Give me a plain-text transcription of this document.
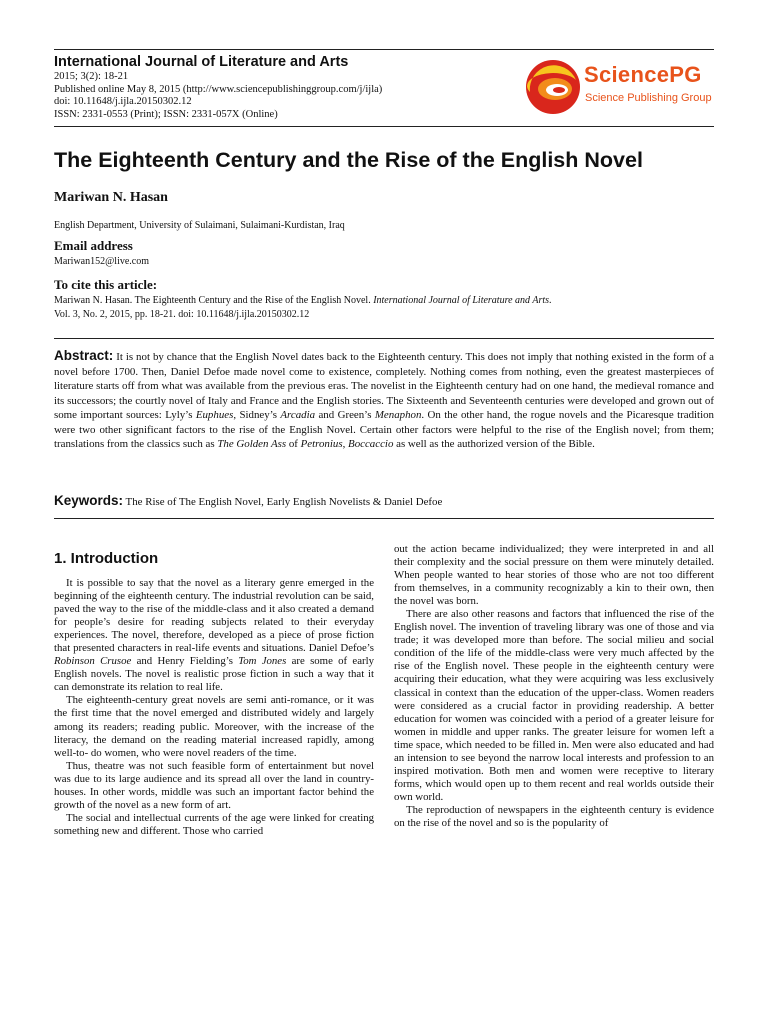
International Journal of Literature and Arts
2015; 3(2): 18-21
Published online May 8, 2015 (http://www.sciencepublishinggroup.com/j/ijla)
doi: 10.11648/j.ijla.20150302.12
ISSN: 2331-0553 (Print); ISSN: 2331-057X (Online)
SciencePG
Science Publishing Group
The Eighteenth Century and the Rise of the English Novel
Mariwan N. Hasan
English Department, University of Sulaimani, Sulaimani-Kurdistan, Iraq
Email address
Mariwan152@live.com
To cite this article:
Mariwan N. Hasan. The Eighteenth Century and the Rise of the English Novel. International Journal of Literature and Arts.
Vol. 3, No. 2, 2015, pp. 18-21. doi: 10.11648/j.ijla.20150302.12
Abstract: It is not by chance that the English Novel dates back to the Eighteenth century. This does not imply that nothing existed in the form of a novel before 1700. Then, Daniel Defoe made novel come to existence, completely. Nothing comes from nothing, even the greatest masterpieces of literature starts off from what was available from the previous eras. The novelist in the Eighteenth century had on one hand, the medieval romance and its successors; the courtly novel of Italy and France and the English stories. The Sixteenth and Seventeenth centuries were developed and grown out of some important sources: Lyly’s Euphues, Sidney’s Arcadia and Green’s Menaphon. On the other hand, the rogue novels and the Picaresque tradition were two other significant factors to the rise of the English Novel. Certain other factors were helpful to the rise of the English novel; from them; translations from the classics such as The Golden Ass of Petronius, Boccaccio as well as the authorized version of the Bible.
Keywords: The Rise of The English Novel, Early English Novelists & Daniel Defoe
1. Introduction

It is possible to say that the novel as a literary genre emerged in the beginning of the eighteenth century. The industrial revolution can be said, paved the way to the rise of the middle-class and it also created a demand for people’s desire for reading subjects related to their everyday experiences. The novel, therefore, developed as a piece of prose fiction that presented characters in real-life events and situations. Daniel Defoe’s Robinson Crusoe and Henry Fielding’s Tom Jones are some of early English novels. The novel is realistic prose fiction in such a way that it can demonstrate its relation to real life.

The eighteenth-century great novels are semi anti-romance, or it was the first time that the novel emerged and distributed widely and largely among its readers; reading public. Moreover, with the increase of the literacy, the demand on the reading material increased rapidly, among well-to- do women, who were novel readers of the time.

Thus, theatre was not such feasible form of entertainment but novel was due to its large audience and its spread all over the land in country-houses. In other words, middle was such an important factor behind the growth of the novel as a new form of art.

The social and intellectual currents of the age were linked for creating something new and different. Those who carried

out the action became individualized; they were interpreted in and all their complexity and the social pressure on them were minutely detailed. When people wanted to hear stories of those who are not too different from themselves, in a community recognizably a kin to their own, then the novel was born.

There are also other reasons and factors that influenced the rise of the English novel. The invention of traveling library was one of those and via trade; it was developed more than before. The social milieu and social condition of the life of the middle-class were very much affected by the rise of the English novel. These people in the eighteenth century were acquiring their education, what they were acquiring was less exclusively classical in context than the education of the upper-class. Women readers were considered as a crucial factor in providing readership. A better education for women was coincided with a period of a greater leisure for women in middle and upper ranks. The greater leisure for women left a time space, which needed to be filled in. Men were also educated and had an intension to see beyond the narrow local interests and profession to an inspired motivation. Both men and women were receptive to literary forms, which would open up to them recent and real worlds outside their own world.

The reproduction of newspapers in the eighteenth century is evidence on the rise of the novel and so is the popularity of
